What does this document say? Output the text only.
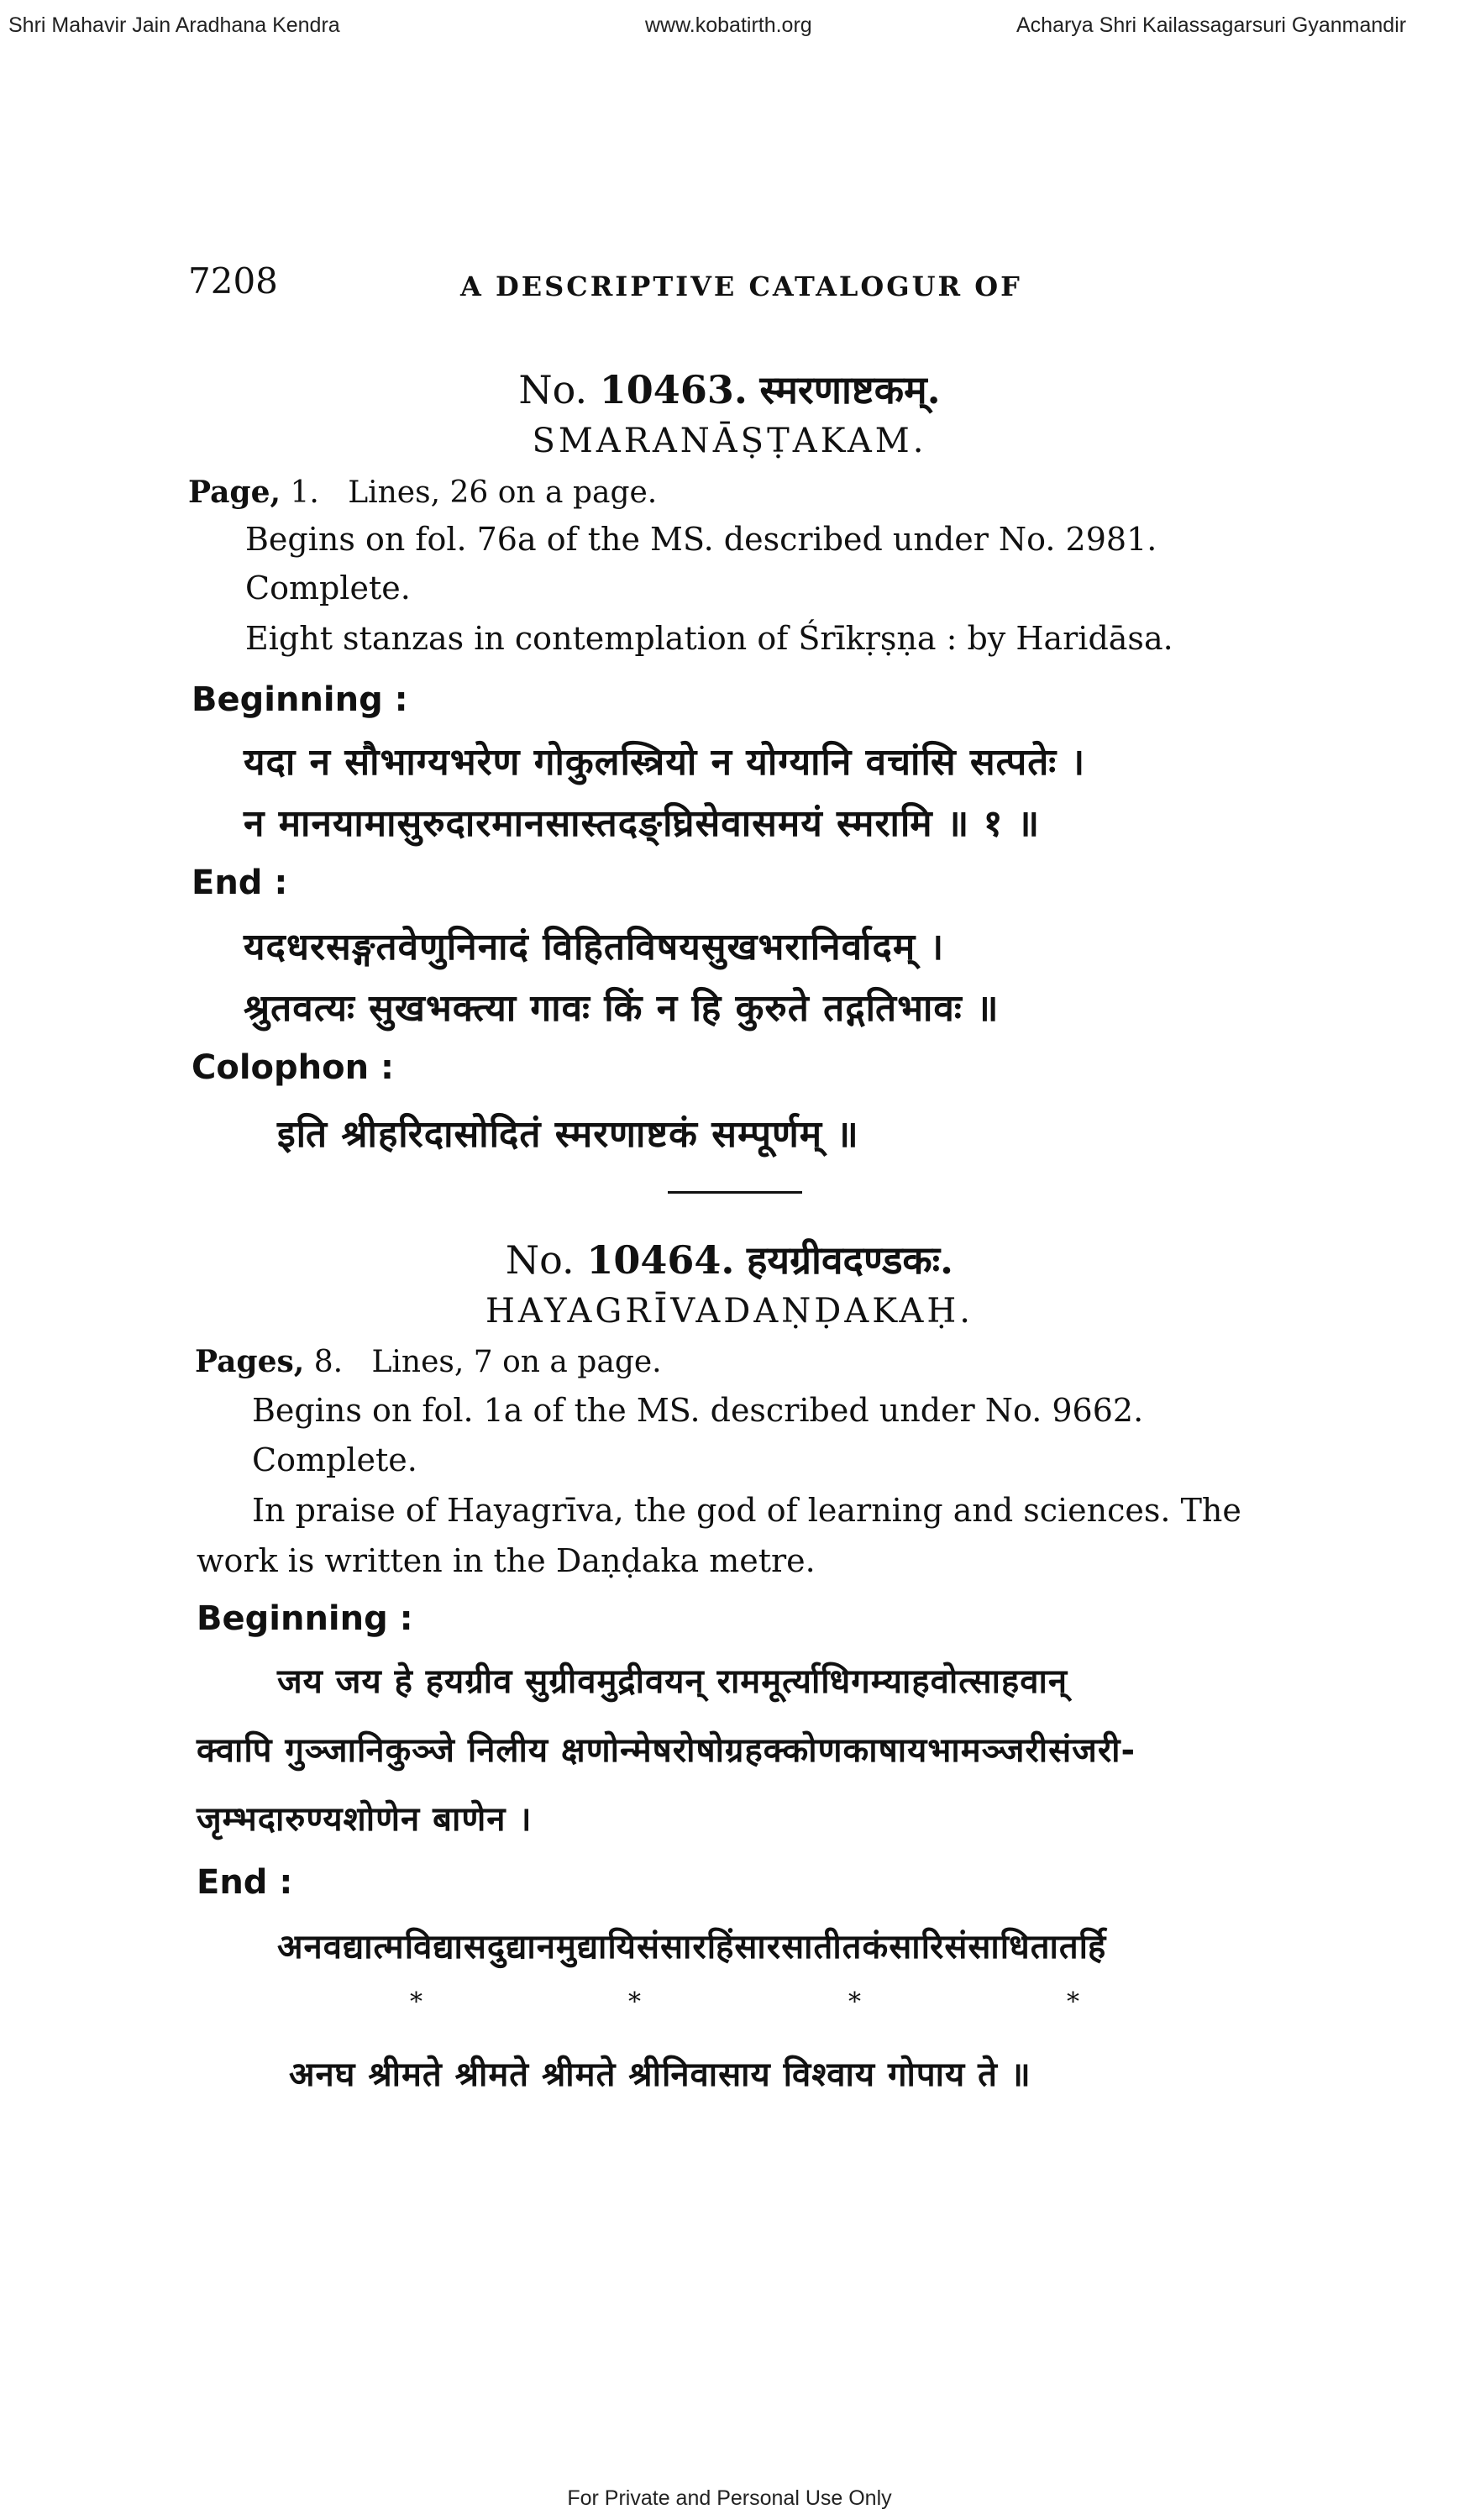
Shri Mahavir Jain Aradhana Kendra	www.kobatirth.org	Acharya Shri Kailassagarsuri Gyanmandir
7208	A DESCRIPTIVE CATALOGUR OF
No. 10463. स्मरणाष्टकम्.
SMARANĀṢṬAKAM.
Page, 1. Lines, 26 on a page.
Begins on fol. 76a of the MS. described under No. 2981.
Complete.
Eight stanzas in contemplation of Śrīkṛṣṇa : by Haridāsa.
Beginning :
यदा न सौभाग्यभरेण गोकुलस्त्रियो न योग्यानि वचांसि सत्पतेः ।
न मानयामासुरुदारमानसास्तदङ्घ्रिसेवासमयं स्मरामि ॥ १ ॥
End :
यदधरसङ्गतवेणुनिनादं विहितविषयसुखभरानिर्वादम् ।
श्रुतवत्यः सुखभक्त्या गावः किं न हि कुरुते तद्गतिभावः ॥
Colophon :
इति श्रीहरिदासोदितं स्मरणाष्टकं सम्पूर्णम् ॥
No. 10464. हयग्रीवदण्डकः.
HAYAGRĪVADAṆḌAKAḤ.
Pages, 8. Lines, 7 on a page.
Begins on fol. 1a of the MS. described under No. 9662.
Complete.
In praise of Hayagrīva, the god of learning and sciences. The
work is written in the Daṇḍaka metre.
Beginning :
जय जय हे हयग्रीव सुग्रीवमुद्रीवयन् राममूर्त्याधिगम्याहवोत्साहवान्
क्वापि गुञ्जानिकुञ्जे निलीय क्षणोन्मेषरोषोग्रहक्कोणकाषायभामञ्जरीसंजरी-
जृम्भदारुण्यशोणेन बाणेन ।
End :
अनवद्यात्मविद्यासदुद्यानमुद्यायिसंसारहिंसारसातीतकंसारिसंसाधितातर्हि
*	*	*	*
अनघ श्रीमते श्रीमते श्रीमते श्रीनिवासाय विश्वाय गोपाय ते ॥
For Private and Personal Use Only
